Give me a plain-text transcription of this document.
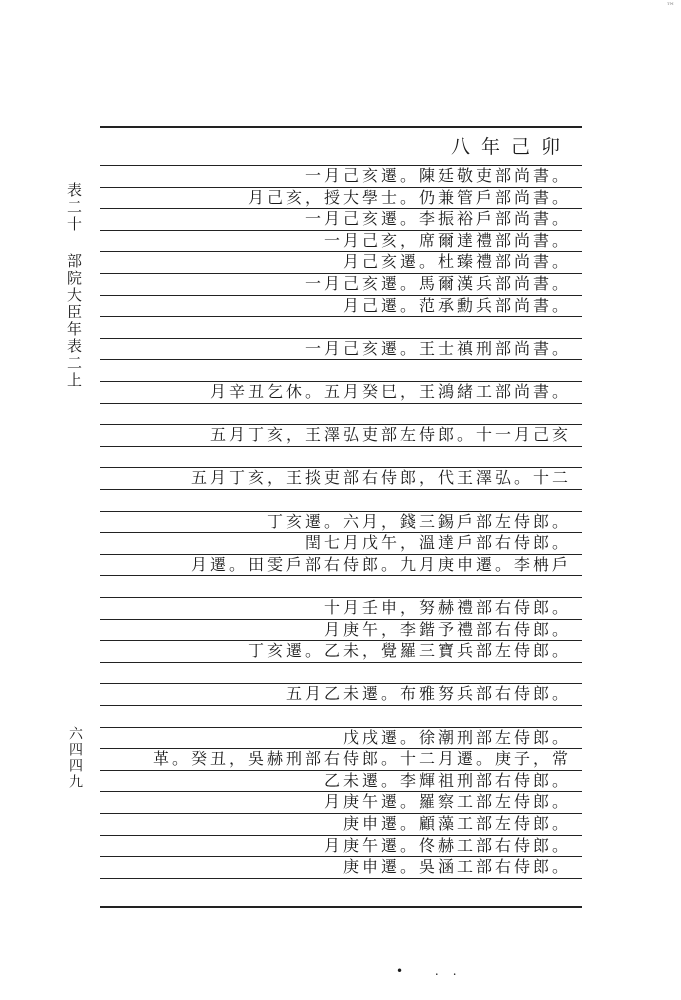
™
表二十 部院大臣年表二上
六四四九
八年己卯
一月己亥遷。陳廷敬吏部尚書。
月己亥，授大學士。仍兼管戶部尚書。
一月己亥遷。李振裕戶部尚書。
一月己亥，席爾達禮部尚書。
月己亥遷。杜臻禮部尚書。
一月己亥遷。馬爾漢兵部尚書。
月己遷。范承勳兵部尚書。
一月己亥遷。王士禛刑部尚書。
月辛丑乞休。五月癸巳，王鴻緒工部尚書。
五月丁亥，王澤弘吏部左侍郎。十一月己亥
五月丁亥，王掞吏部右侍郎，代王澤弘。十二
丁亥遷。六月，錢三錫戶部左侍郎。
閏七月戊午，溫達戶部右侍郎。
月遷。田雯戶部右侍郎。九月庚申遷。李柟戶
十月壬申，努赫禮部右侍郎。
月庚午，李鍇予禮部右侍郎。
丁亥遷。乙未，覺羅三寶兵部左侍郎。
五月乙未遷。布雅努兵部右侍郎。
戊戌遷。徐潮刑部左侍郎。
革。癸丑，吳赫刑部右侍郎。十二月遷。庚子，常
乙未遷。李輝祖刑部右侍郎。
月庚午遷。羅察工部左侍郎。
庚申遷。顧藻工部左侍郎。
月庚午遷。佟赫工部右侍郎。
庚申遷。吳涵工部右侍郎。
• ..
